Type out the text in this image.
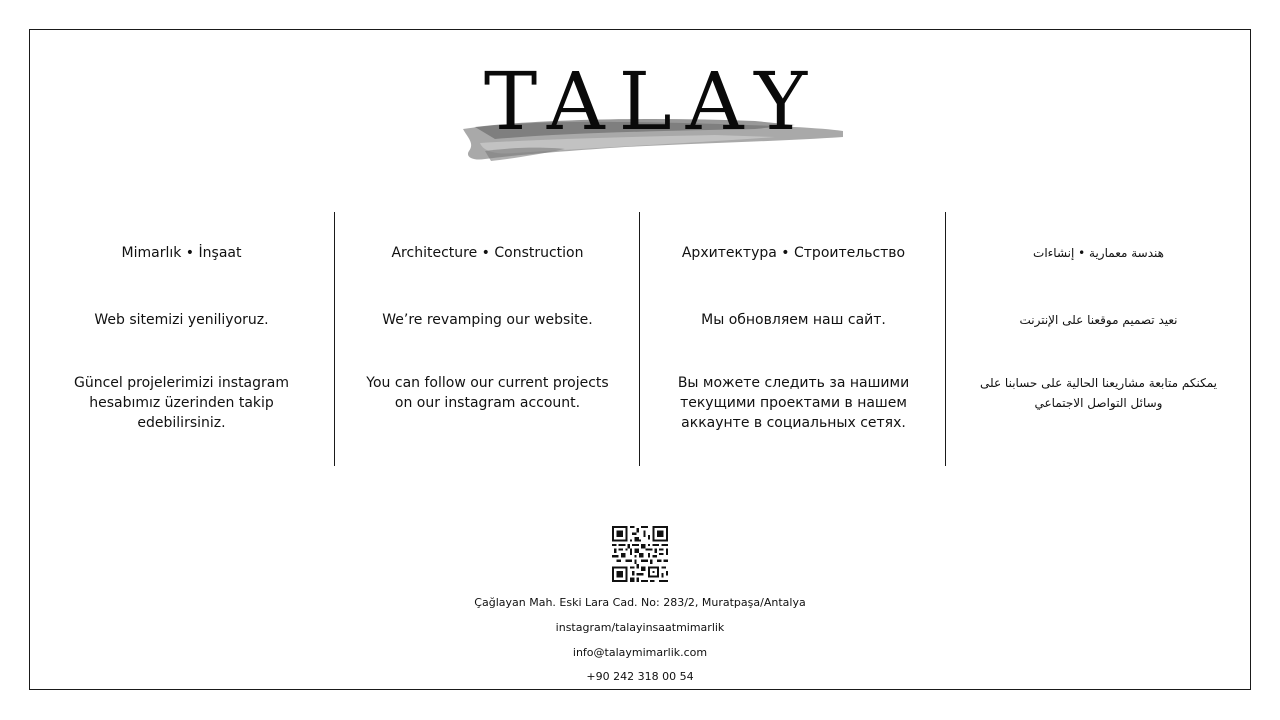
TALAY
Mimarlık • İnşaat
Web sitemizi yeniliyoruz.
Güncel projelerimizi instagram hesabımız üzerinden takip edebilirsiniz.
Architecture • Construction
We’re revamping our website.
You can follow our current projects on our instagram account.
Архитектура • Строительство
Мы обновляем наш сайт.
Вы можете следить за нашими текущими проектами в нашем аккаунте в социальных сетях.
هندسة معمارية • إنشاءات
نعيد تصميم موقعنا على الإنترنت
يمكنكم متابعة مشاريعنا الحالية على حسابنا على وسائل التواصل الاجتماعي
Çağlayan Mah. Eski Lara Cad. No: 283/2, Muratpaşa/Antalya
instagram/talayinsaatmimarlik
info@talaymimarlik.com
+90 242 318 00 54
